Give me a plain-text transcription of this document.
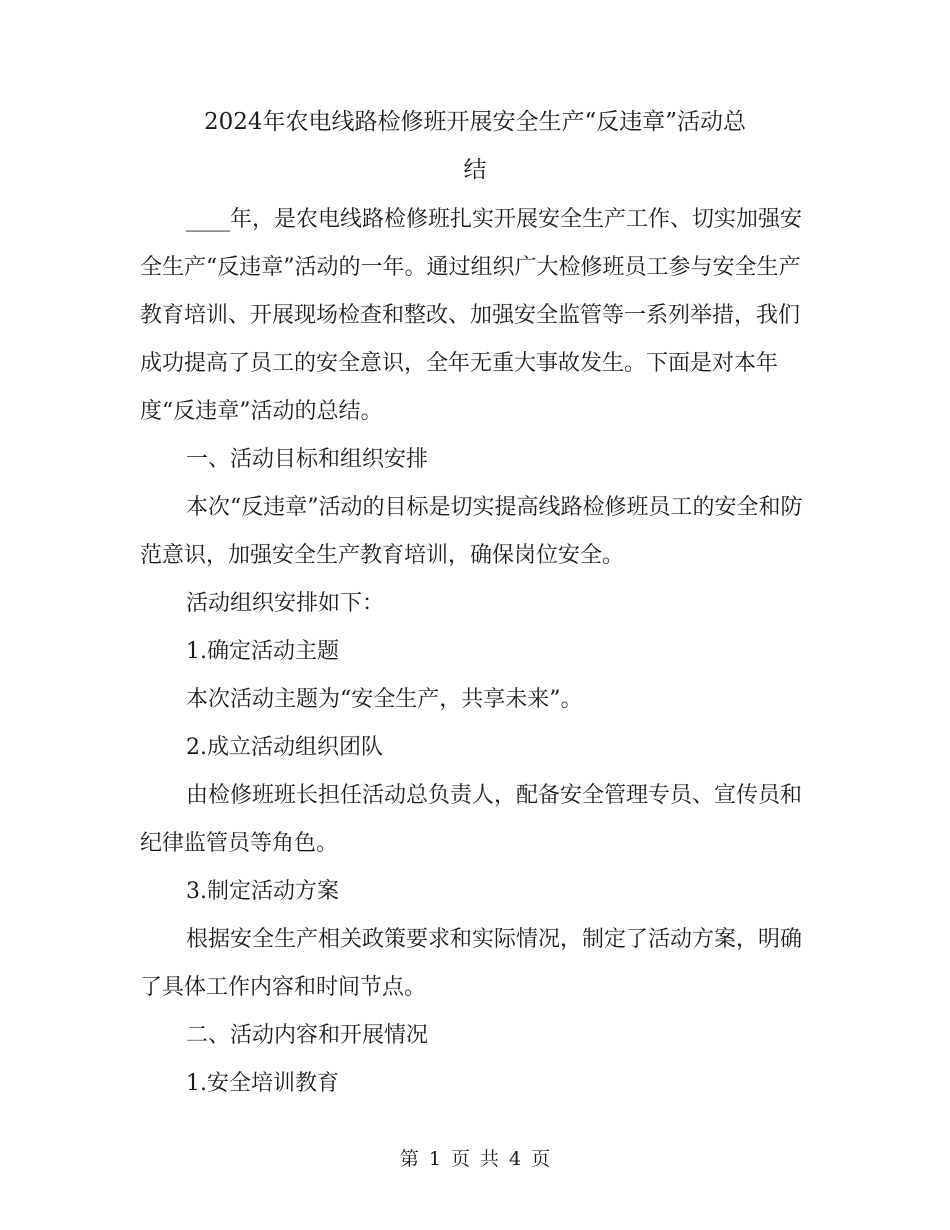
2024年农电线路检修班开展安全生产“反违章”活动总
结

____年，是农电线路检修班扎实开展安全生产工作、切实加强安全生产“反违章”活动的一年。通过组织广大检修班员工参与安全生产教育培训、开展现场检查和整改、加强安全监管等一系列举措，我们成功提高了员工的安全意识，全年无重大事故发生。下面是对本年度“反违章”活动的总结。

一、活动目标和组织安排

本次“反违章”活动的目标是切实提高线路检修班员工的安全和防范意识，加强安全生产教育培训，确保岗位安全。

活动组织安排如下：

1.确定活动主题

本次活动主题为“安全生产，共享未来”。

2.成立活动组织团队

由检修班班长担任活动总负责人，配备安全管理专员、宣传员和纪律监管员等角色。

3.制定活动方案

根据安全生产相关政策要求和实际情况，制定了活动方案，明确了具体工作内容和时间节点。

二、活动内容和开展情况

1.安全培训教育

第 1 页 共 4 页
